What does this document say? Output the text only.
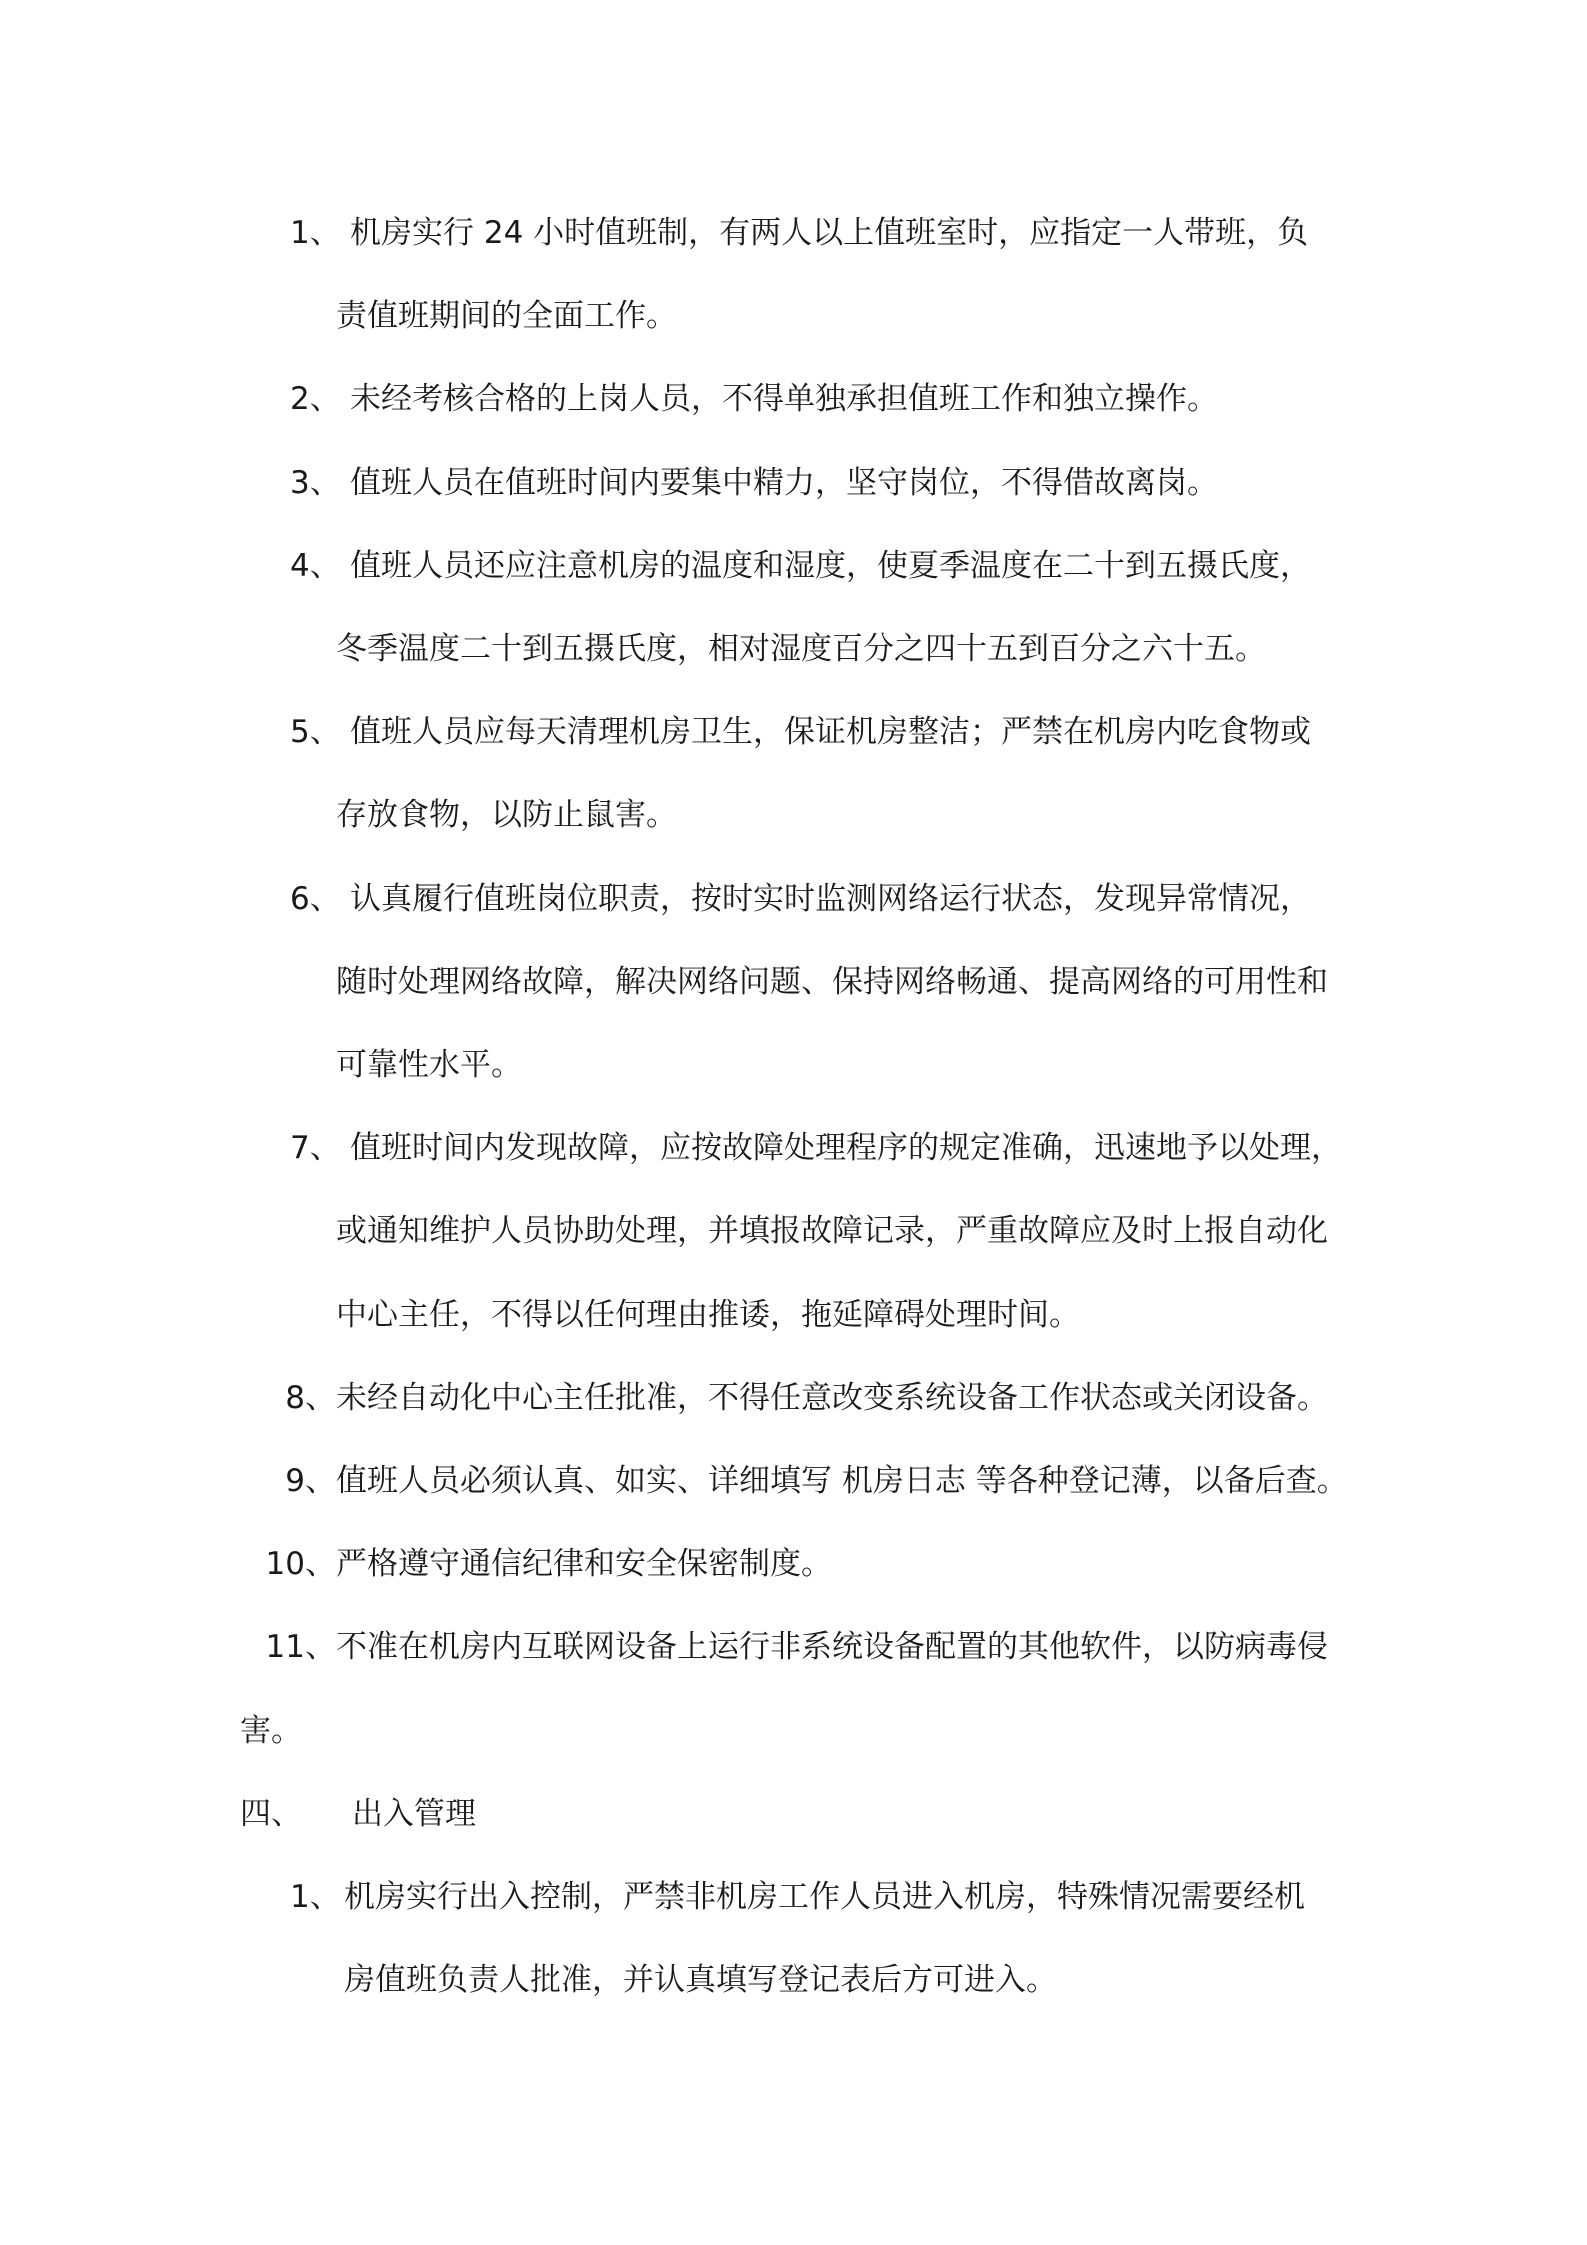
1、 机房实行 24 小时值班制，有两人以上值班室时，应指定一人带班，负
责值班期间的全面工作。
2、 未经考核合格的上岗人员，不得单独承担值班工作和独立操作。
3、 值班人员在值班时间内要集中精力，坚守岗位，不得借故离岗。
4、 值班人员还应注意机房的温度和湿度，使夏季温度在二十到五摄氏度，
冬季温度二十到五摄氏度，相对湿度百分之四十五到百分之六十五。
5、 值班人员应每天清理机房卫生，保证机房整洁；严禁在机房内吃食物或
存放食物，以防止鼠害。
6、 认真履行值班岗位职责，按时实时监测网络运行状态，发现异常情况，
随时处理网络故障，解决网络问题、保持网络畅通、提高网络的可用性和
可靠性水平。
7、 值班时间内发现故障，应按故障处理程序的规定准确，迅速地予以处理，
或通知维护人员协助处理，并填报故障记录，严重故障应及时上报自动化
中心主任，不得以任何理由推诿，拖延障碍处理时间。
8、 未经自动化中心主任批准，不得任意改变系统设备工作状态或关闭设备。
9、 值班人员必须认真、如实、详细填写 机房日志 等各种登记薄，以备后查。
10、 严格遵守通信纪律和安全保密制度。
11、 不准在机房内互联网设备上运行非系统设备配置的其他软件，以防病毒侵
害。
四、 出入管理
1、 机房实行出入控制，严禁非机房工作人员进入机房，特殊情况需要经机
房值班负责人批准，并认真填写登记表后方可进入。
